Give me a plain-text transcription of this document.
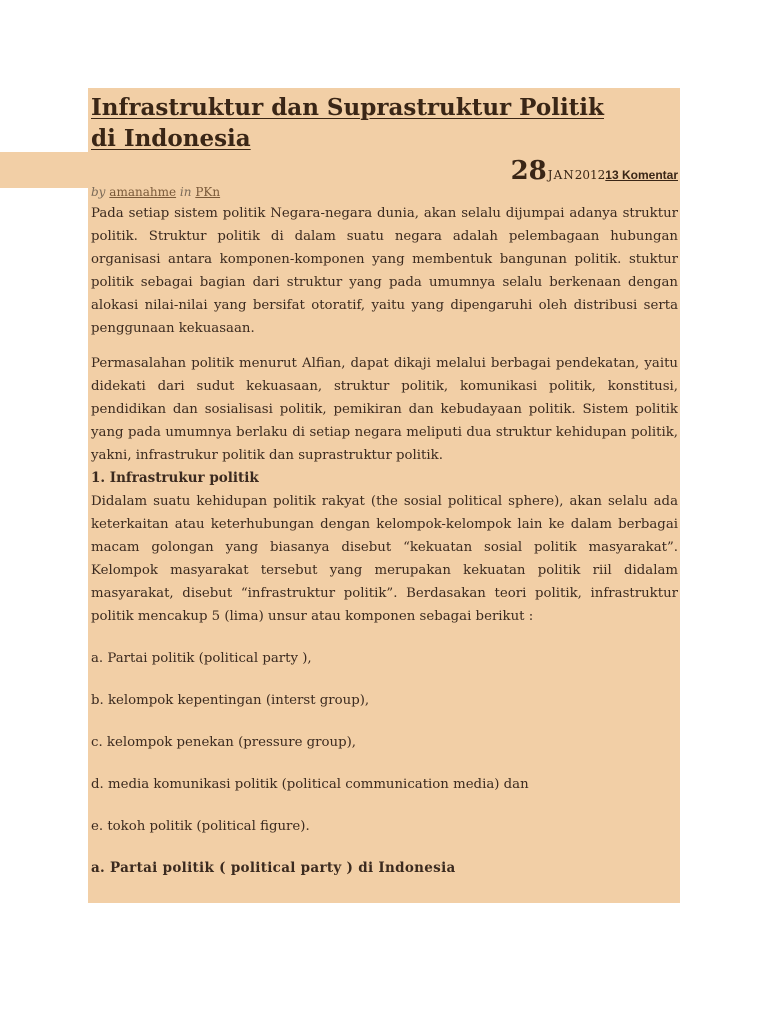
Infrastruktur dan Suprastruktur Politik
di Indonesia
28 JAN 2012 13 Komentar
by amanahme in PKn

Pada setiap sistem politik Negara-negara dunia, akan selalu dijumpai adanya struktur politik. Struktur politik di dalam suatu negara adalah pelembagaan hubungan organisasi antara komponen-komponen yang membentuk bangunan politik. stuktur politik sebagai bagian dari struktur yang pada umumnya selalu berkenaan dengan alokasi nilai-nilai yang bersifat otoratif, yaitu yang dipengaruhi oleh distribusi serta penggunaan kekuasaan.

Permasalahan politik menurut Alfian, dapat dikaji melalui berbagai pendekatan, yaitu didekati dari sudut kekuasaan, struktur politik, komunikasi politik, konstitusi, pendidikan dan sosialisasi politik, pemikiran dan kebudayaan politik. Sistem politik yang pada umumnya berlaku di setiap negara meliputi dua struktur kehidupan politik, yakni, infrastrukur politik dan suprastruktur politik.

1. Infrastrukur politik

Didalam suatu kehidupan politik rakyat (the sosial political sphere), akan selalu ada keterkaitan atau keterhubungan dengan kelompok-kelompok lain ke dalam berbagai macam golongan yang biasanya disebut “kekuatan sosial politik masyarakat”. Kelompok masyarakat tersebut yang merupakan kekuatan politik riil didalam masyarakat, disebut “infrastruktur politik”. Berdasakan teori politik, infrastruktur politik mencakup 5 (lima) unsur atau komponen sebagai berikut :

a. Partai politik (political party ),

b. kelompok kepentingan (interst group),

c. kelompok penekan (pressure group),

d. media komunikasi politik (political communication media) dan

e. tokoh politik (political figure).

a. Partai politik ( political party ) di Indonesia
